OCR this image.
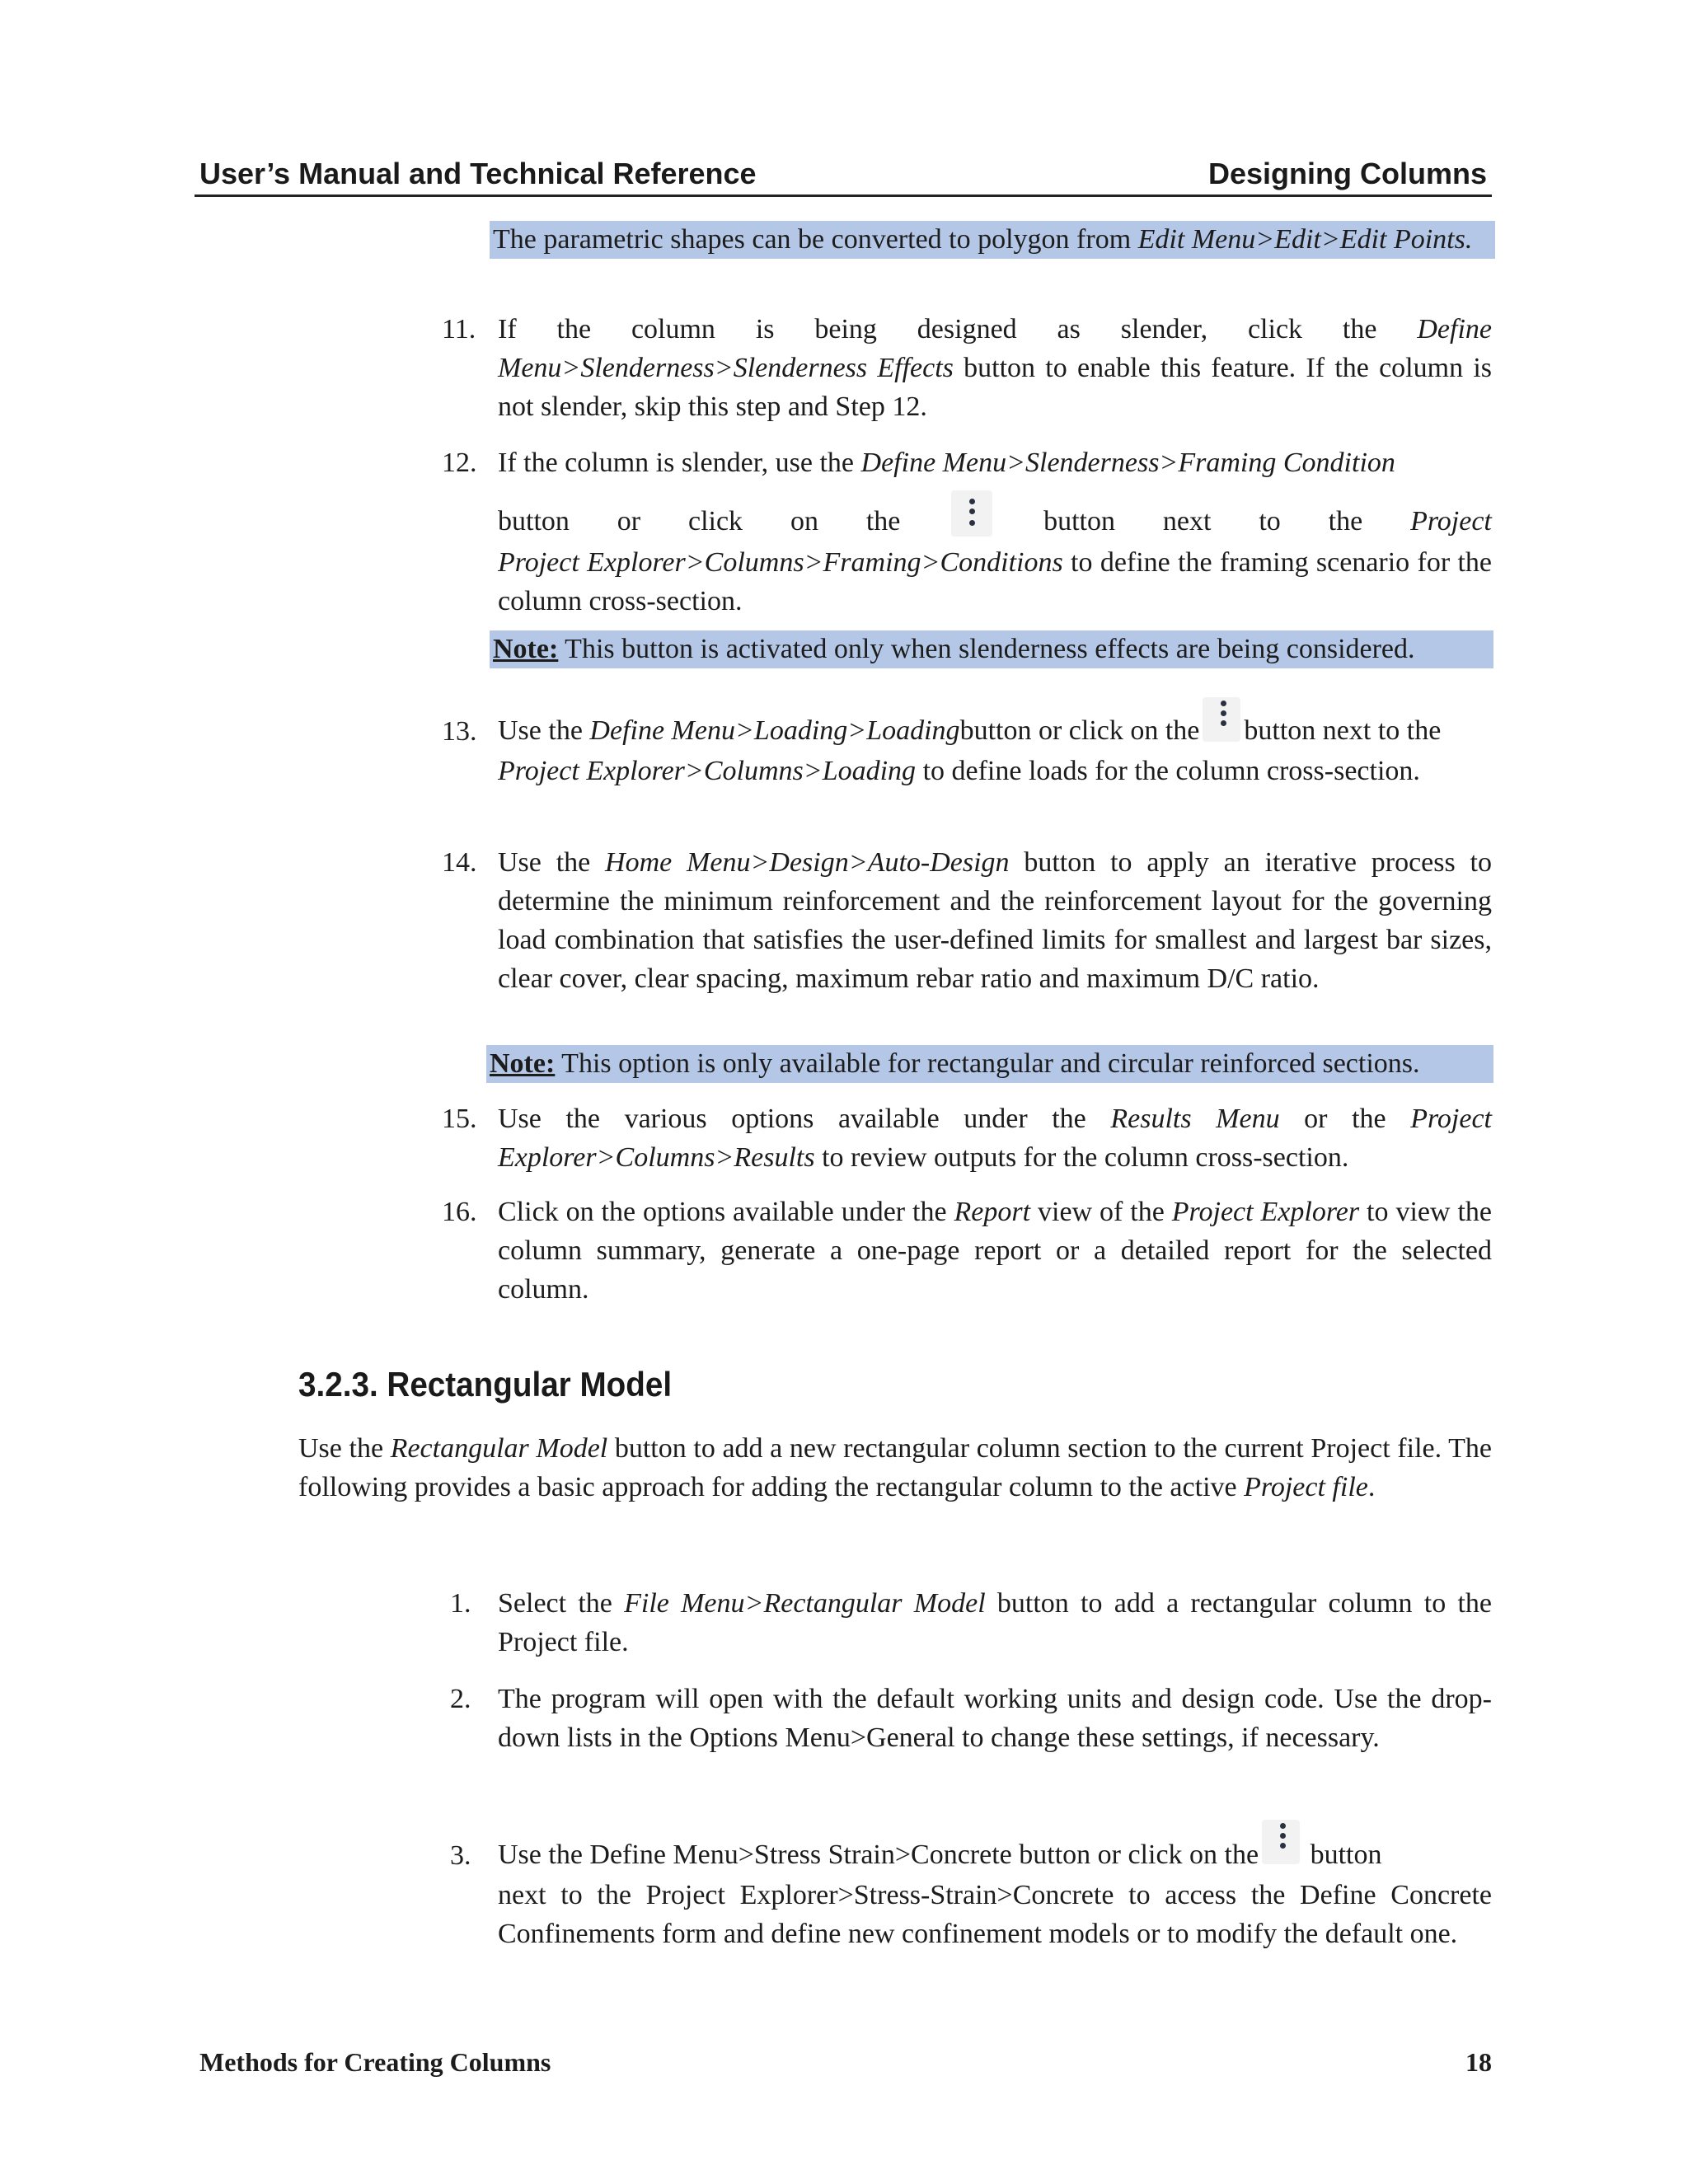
User’s Manual and Technical Reference	Designing Columns
The parametric shapes can be converted to polygon from Edit Menu>Edit>Edit Points.
11. If the column is being designed as slender, click the Define Menu>Slenderness>Slenderness Effects button to enable this feature. If the column is not slender, skip this step and Step 12.
12. If the column is slender, use the Define Menu>Slenderness>Framing Condition
button or click on the	button next to the Project
Project Explorer>Columns>Framing>Conditions to define the framing scenario for the column cross-section.
Note: This button is activated only when slenderness effects are being considered.
13. Use the
Define Menu>Loading>Loading button or click on the button next to the
Project Explorer>Columns>Loading to define loads for the column cross-section.
14. Use the Home Menu>Design>Auto-Design button to apply an iterative process to determine the minimum reinforcement and the reinforcement layout for the governing load combination that satisfies the user-defined limits for smallest and largest bar sizes, clear cover, clear spacing, maximum rebar ratio and maximum D/C ratio.
Note: This option is only available for rectangular and circular reinforced sections.
15. Use the various options available under the Results Menu or the Project Explorer>Columns>Results to review outputs for the column cross-section.
16. Click on the options available under the Report view of the Project Explorer to view the column summary, generate a one-page report or a detailed report for the selected column.
3.2.3. Rectangular Model
Use the Rectangular Model button to add a new rectangular column section to the current Project file. The following provides a basic approach for adding the rectangular column to the active Project file.
1. Select the File Menu>Rectangular Model button to add a rectangular column to the Project file.
2. The program will open with the default working units and design code. Use the drop-down lists in the Options Menu>General to change these settings, if necessary.
3. Use the Define Menu>Stress Strain>Concrete button or click on the button
next to the Project Explorer>Stress-Strain>Concrete to access the Define Concrete Confinements form and define new confinement models or to modify the default one.
Methods for Creating Columns	18
